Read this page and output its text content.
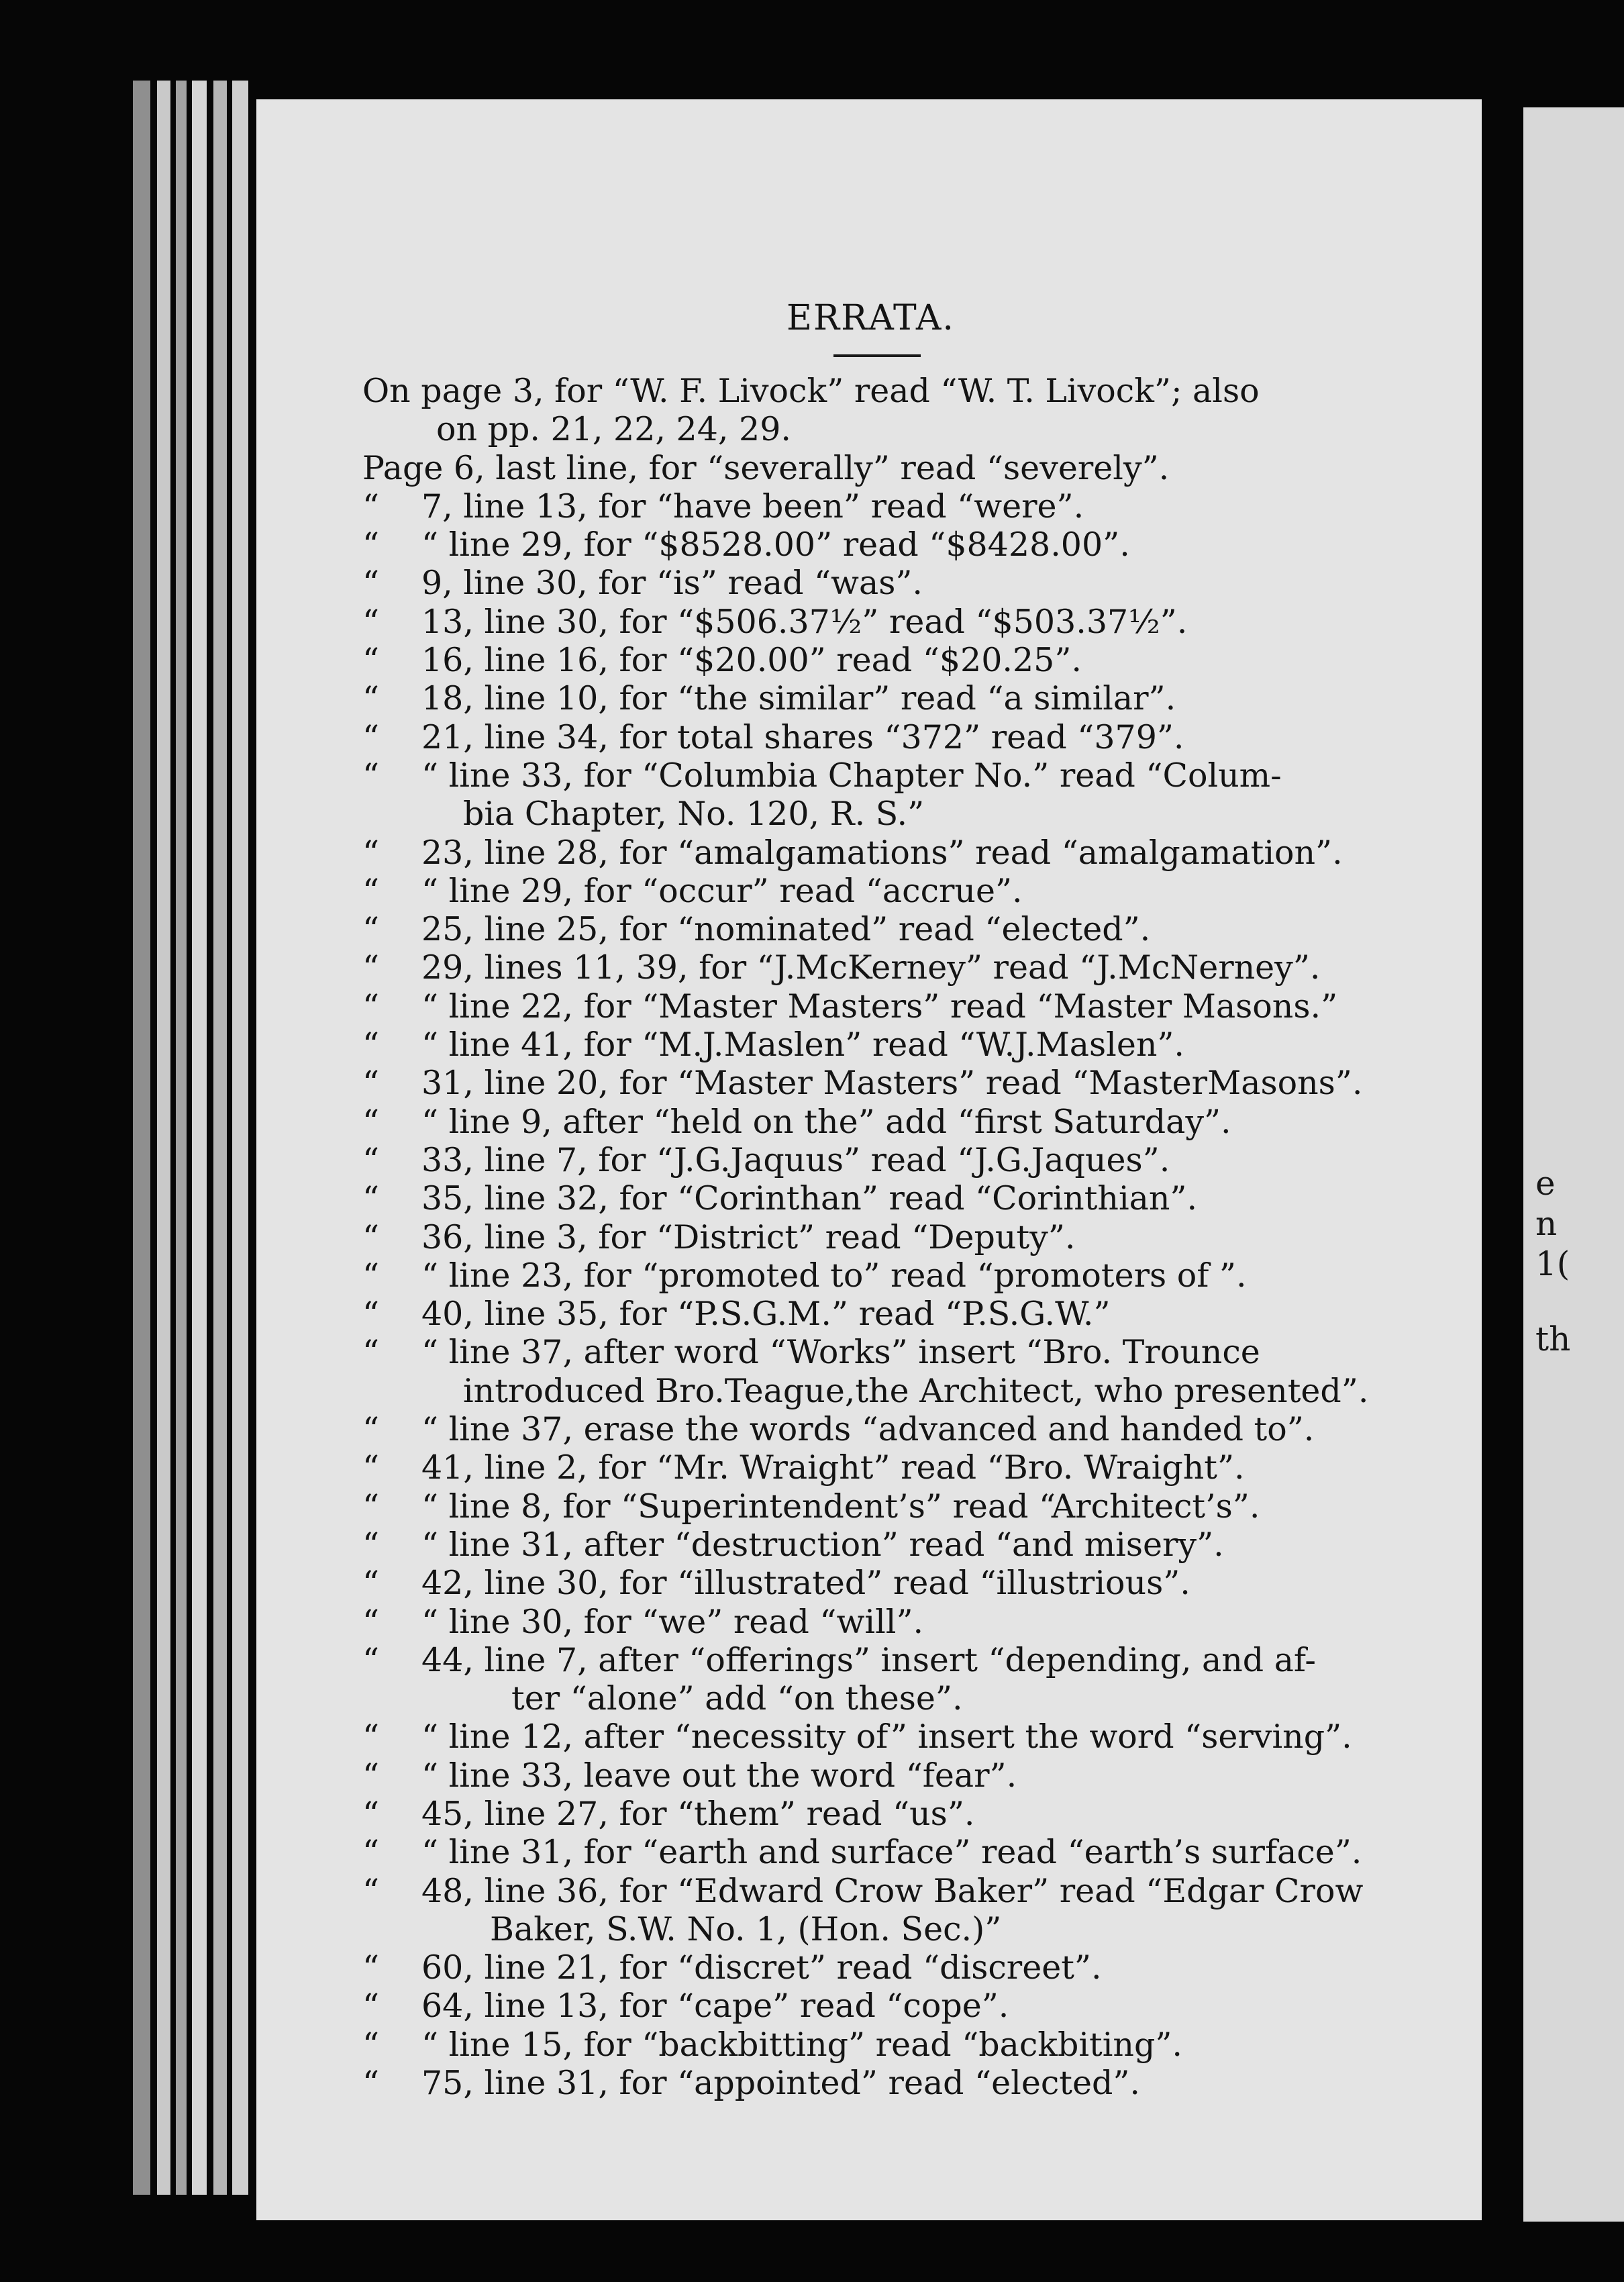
e
n
1(
th
ERRATA.
On page 3, for “W. F. Livock” read “W. T. Livock”; also
on pp. 21, 22, 24, 29.
Page 6, last line, for “severally” read “severely”.
“ 7, line 13, for “have been” read “were”.
“ “ line 29, for “$8528.00” read “$8428.00”.
“ 9, line 30, for “is” read “was”.
“ 13, line 30, for “$506.37½” read “$503.37½”.
“ 16, line 16, for “$20.00” read “$20.25”.
“ 18, line 10, for “the similar” read “a similar”.
“ 21, line 34, for total shares “372” read “379”.
“ “ line 33, for “Columbia Chapter No.” read “Colum-
bia Chapter, No. 120, R. S.”
“ 23, line 28, for “amalgamations” read “amalgamation”.
“ “ line 29, for “occur” read “accrue”.
“ 25, line 25, for “nominated” read “elected”.
“ 29, lines 11, 39, for “J.McKerney” read “J.McNerney”.
“ “ line 22, for “Master Masters” read “Master Masons.”
“ “ line 41, for “M.J.Maslen” read “W.J.Maslen”.
“ 31, line 20, for “Master Masters” read “MasterMasons”.
“ “ line 9, after “held on the” add “first Saturday”.
“ 33, line 7, for “J.G.Jaquus” read “J.G.Jaques”.
“ 35, line 32, for “Corinthan” read “Corinthian”.
“ 36, line 3, for “District” read “Deputy”.
“ “ line 23, for “promoted to” read “promoters of ”.
“ 40, line 35, for “P.S.G.M.” read “P.S.G.W.”
“ “ line 37, after word “Works” insert “Bro. Trounce
introduced Bro.Teague,the Architect, who presented”.
“ “ line 37, erase the words “advanced and handed to”.
“ 41, line 2, for “Mr. Wraight” read “Bro. Wraight”.
“ “ line 8, for “Superintendent’s” read “Architect’s”.
“ “ line 31, after “destruction” read “and misery”.
“ 42, line 30, for “illustrated” read “illustrious”.
“ “ line 30, for “we” read “will”.
“ 44, line 7, after “offerings” insert “depending, and af-
ter “alone” add “on these”.
“ “ line 12, after “necessity of” insert the word “serving”.
“ “ line 33, leave out the word “fear”.
“ 45, line 27, for “them” read “us”.
“ “ line 31, for “earth and surface” read “earth’s surface”.
“ 48, line 36, for “Edward Crow Baker” read “Edgar Crow
Baker, S.W. No. 1, (Hon. Sec.)”
“ 60, line 21, for “discret” read “discreet”.
“ 64, line 13, for “cape” read “cope”.
“ “ line 15, for “backbitting” read “backbiting”.
“ 75, line 31, for “appointed” read “elected”.
